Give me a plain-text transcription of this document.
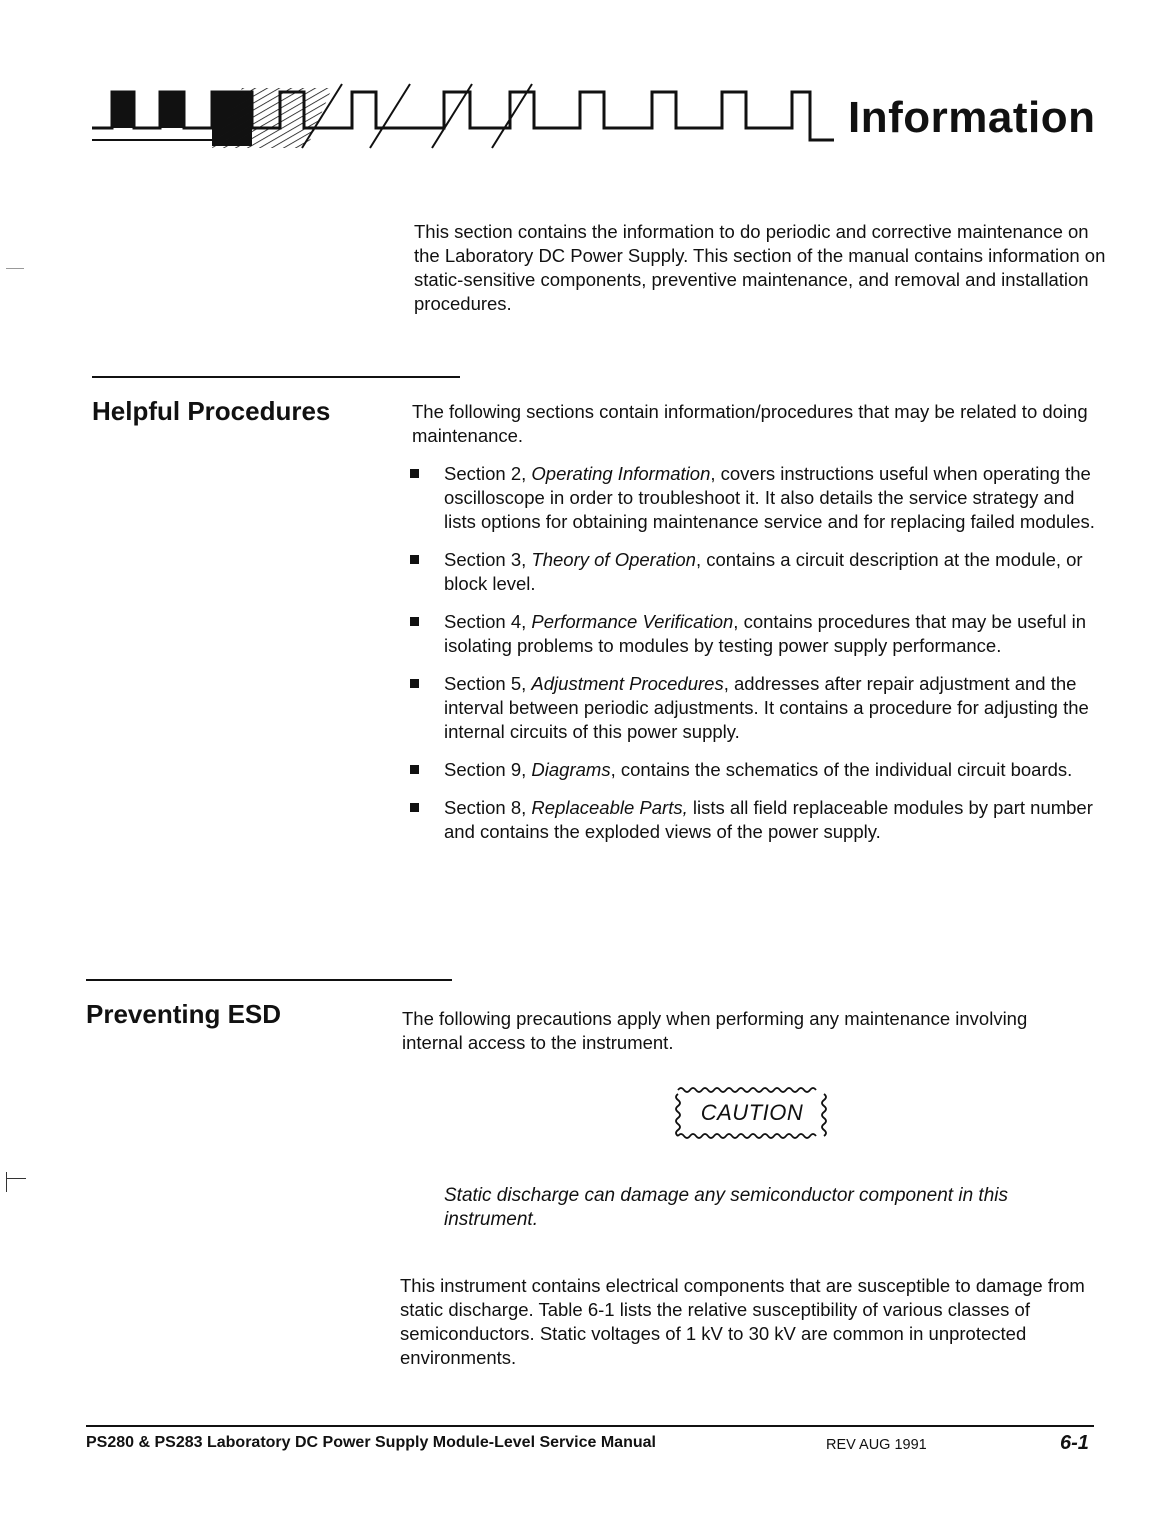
Information

This section contains the information to do periodic and corrective maintenance on the Laboratory DC Power Supply. This section of the manual contains information on static-sensitive components, preventive maintenance, and removal and installation procedures.

Helpful Procedures	The following sections contain information/procedures that may be related to doing maintenance.

Section 2, Operating Information, covers instructions useful when operating the oscilloscope in order to troubleshoot it. It also details the service strategy and lists options for obtaining maintenance service and for replacing failed modules.
Section 3, Theory of Operation, contains a circuit description at the module, or block level.
Section 4, Performance Verification, contains procedures that may be useful in isolating problems to modules by testing power supply performance.
Section 5, Adjustment Procedures, addresses after repair adjustment and the interval between periodic adjustments. It contains a procedure for adjusting the internal circuits of this power supply.
Section 9, Diagrams, contains the schematics of the individual circuit boards.
Section 8, Replaceable Parts, lists all field replaceable modules by part number and contains the exploded views of the power supply.
Preventing ESD	The following precautions apply when performing any maintenance involving internal access to the instrument.

CAUTION

Static discharge can damage any semiconductor component in this instrument.

This instrument contains electrical components that are susceptible to damage from static discharge. Table 6-1 lists the relative susceptibility of various classes of semiconductors. Static voltages of 1 kV to 30 kV are common in unprotected environments.

PS280 & PS283 Laboratory DC Power Supply Module-Level Service Manual	REV AUG 1991	6-1
